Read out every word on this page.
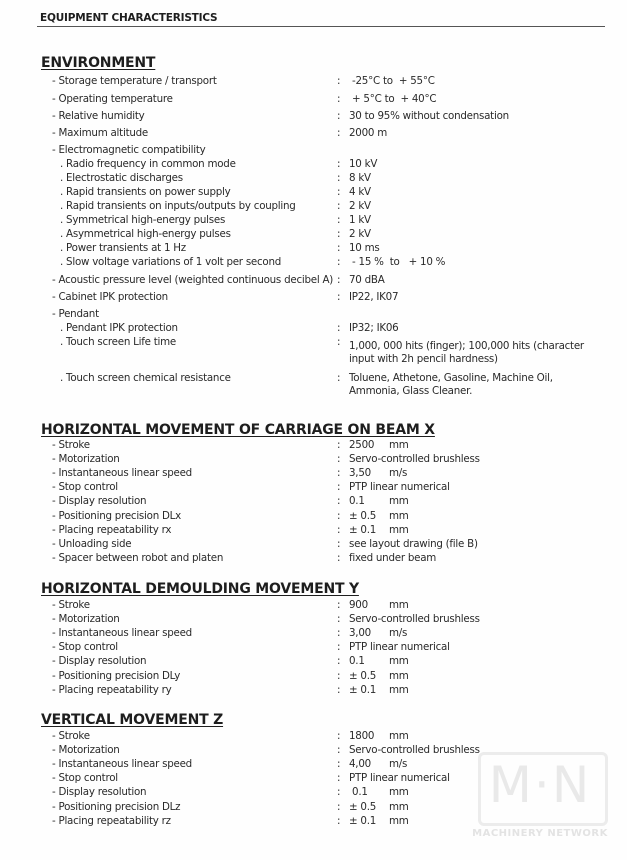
EQUIPMENT CHARACTERISTICS
ENVIRONMENT
- Storage temperature / transport	: -25°C to  + 55°C
- Operating temperature	: + 5°C to  + 40°C
- Relative humidity	: 30 to 95% without condensation
- Maximum altitude	: 2000 m
- Electromagnetic compatibility
. Radio frequency in common mode	: 10 kV
. Electrostatic discharges	: 8 kV
. Rapid transients on power supply	: 4 kV
. Rapid transients on inputs/outputs by coupling	: 2 kV
. Symmetrical high-energy pulses	: 1 kV
. Asymmetrical high-energy pulses	: 2 kV
. Power transients at 1 Hz	: 10 ms
. Slow voltage variations of 1 volt per second	: - 15 %  to   + 10 %
- Acoustic pressure level (weighted continuous decibel A) : 70 dBA
- Cabinet IPK protection	: IP22, IK07
- Pendant
. Pendant IPK protection	: IP32; IK06
. Touch screen Life time	: 1,000, 000 hits (finger); 100,000 hits (character input with 2h pencil hardness)
. Touch screen chemical resistance	: Toluene, Athetone, Gasoline, Machine Oil, Ammonia, Glass Cleaner.
HORIZONTAL MOVEMENT OF CARRIAGE ON BEAM X
- Stroke	: 2500 mm
- Motorization	: Servo-controlled brushless
- Instantaneous linear speed	: 3,50 m/s
- Stop control	: PTP linear numerical
- Display resolution	: 0.1 mm
- Positioning precision DLx	: ± 0.5 mm
- Placing repeatability rx	: ± 0.1 mm
- Unloading side	: see layout drawing (file B)
- Spacer between robot and platen	: fixed under beam
HORIZONTAL DEMOULDING MOVEMENT Y
- Stroke	: 900 mm
- Motorization	: Servo-controlled brushless
- Instantaneous linear speed	: 3,00 m/s
- Stop control	: PTP linear numerical
- Display resolution	: 0.1 mm
- Positioning precision DLy	: ± 0.5 mm
- Placing repeatability ry	: ± 0.1 mm
VERTICAL MOVEMENT Z
- Stroke	: 1800 mm
- Motorization	: Servo-controlled brushless
- Instantaneous linear speed	: 4,00 m/s
- Stop control	: PTP linear numerical
- Display resolution	: 0.1 mm
- Positioning precision DLz	: ± 0.5 mm
- Placing repeatability rz	: ± 0.1 mm
M·N
MACHINERY NETWORK
